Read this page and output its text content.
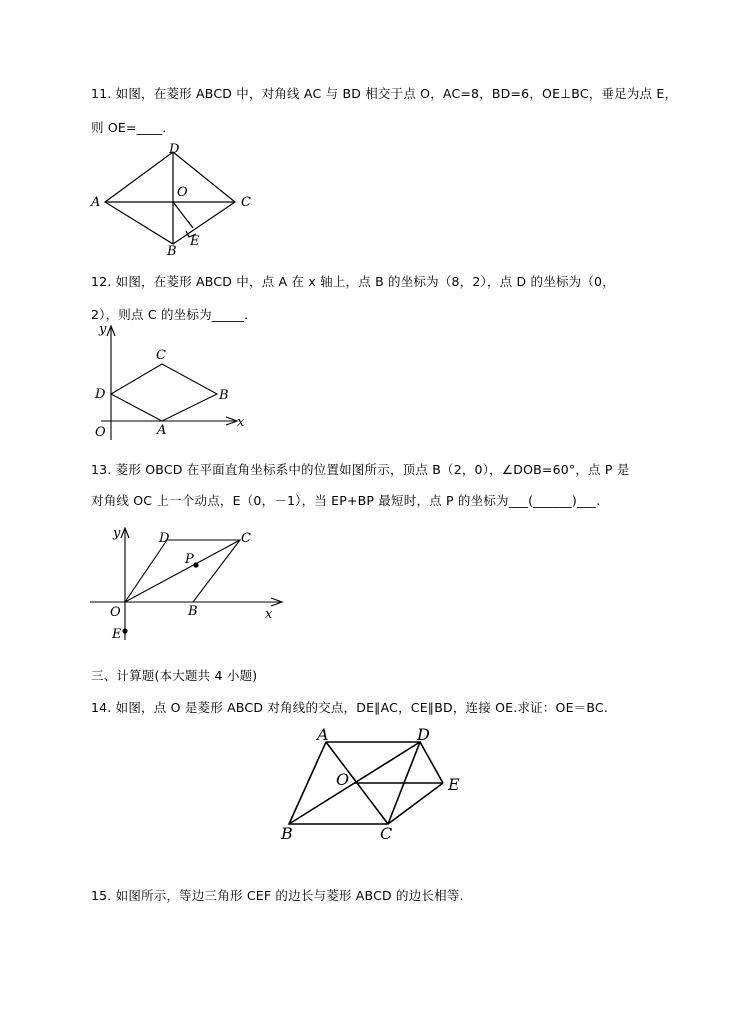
11. 如图，在菱形 ABCD 中，对角线 AC 与 BD 相交于点 O，AC=8，BD=6，OE⊥BC，垂足为点 E，
则 OE=____．
D
A	C
O
B
E
12. 如图，在菱形 ABCD 中，点 A 在 x 轴上，点 B 的坐标为（8，2），点 D 的坐标为（0，
2），则点 C 的坐标为_____.
y
x
O	A
B
C
D
13. 菱形 OBCD 在平面直角坐标系中的位置如图所示，顶点 B（2，0），∠DOB=60°，点 P 是
对角线 OC 上一个动点，E（0，－1），当 EP+BP 最短时，点 P 的坐标为___(______)___.
y
x
O	B
C
D
P
E
三、计算题(本大题共 4 小题)
14. 如图，点 O 是菱形 ABCD 对角线的交点，DE∥AC，CE∥BD，连接 OE.求证：OE＝BC.
A	D
O	E
B	C
15. 如图所示，等边三角形 CEF 的边长与菱形 ABCD 的边长相等.
